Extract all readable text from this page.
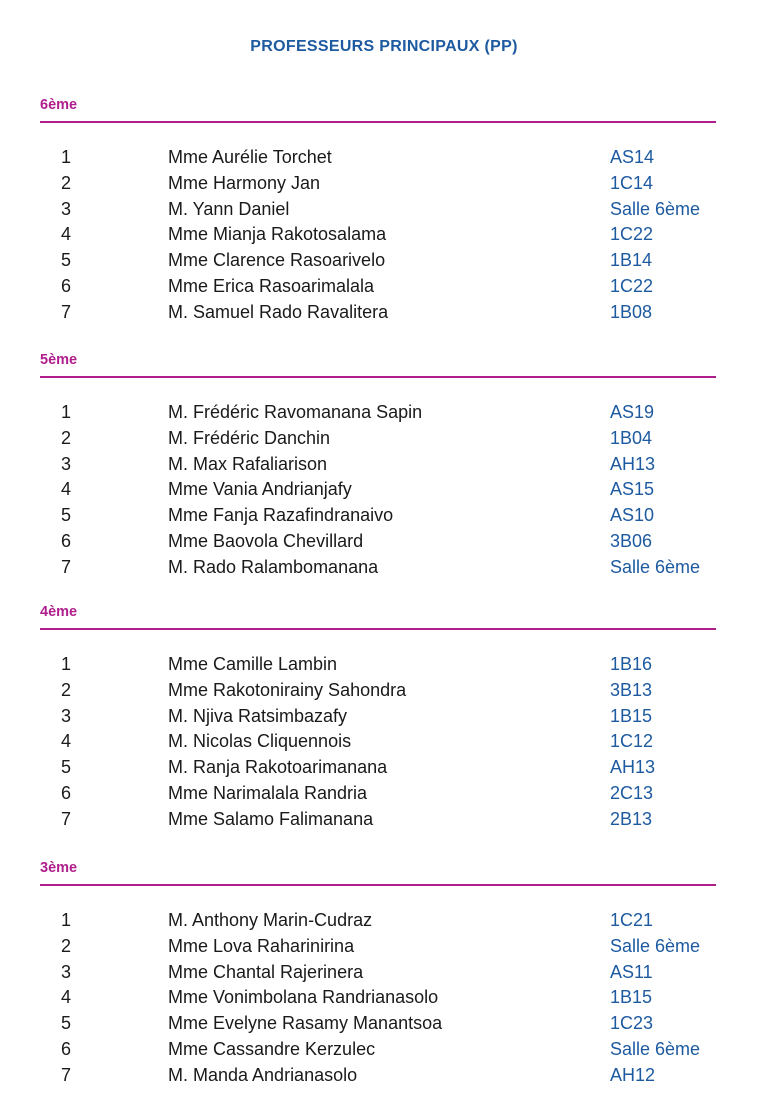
PROFESSEURS PRINCIPAUX (PP)
6ème
1	Mme Aurélie Torchet	AS14
2	Mme Harmony Jan	1C14
3	M. Yann Daniel	Salle 6ème
4	Mme Mianja Rakotosalama	1C22
5	Mme Clarence Rasoarivelo	1B14
6	Mme Erica Rasoarimalala	1C22
7	M. Samuel Rado Ravalitera	1B08
5ème
1	M. Frédéric Ravomanana Sapin	AS19
2	M. Frédéric Danchin	1B04
3	M. Max Rafaliarison	AH13
4	Mme Vania Andrianjafy	AS15
5	Mme Fanja Razafindranaivo	AS10
6	Mme Baovola Chevillard	3B06
7	M. Rado Ralambomanana	Salle 6ème
4ème
1	Mme Camille Lambin	1B16
2	Mme Rakotonirainy Sahondra	3B13
3	M. Njiva Ratsimbazafy	1B15
4	M. Nicolas Cliquennois	1C12
5	M. Ranja Rakotoarimanana	AH13
6	Mme Narimalala Randria	2C13
7	Mme Salamo Falimanana	2B13
3ème
1	M. Anthony Marin-Cudraz	1C21
2	Mme Lova Raharinirina	Salle 6ème
3	Mme Chantal Rajerinera	AS11
4	Mme Vonimbolana Randrianasolo	1B15
5	Mme Evelyne Rasamy Manantsoa	1C23
6	Mme Cassandre Kerzulec	Salle 6ème
7	M. Manda Andrianasolo	AH12
